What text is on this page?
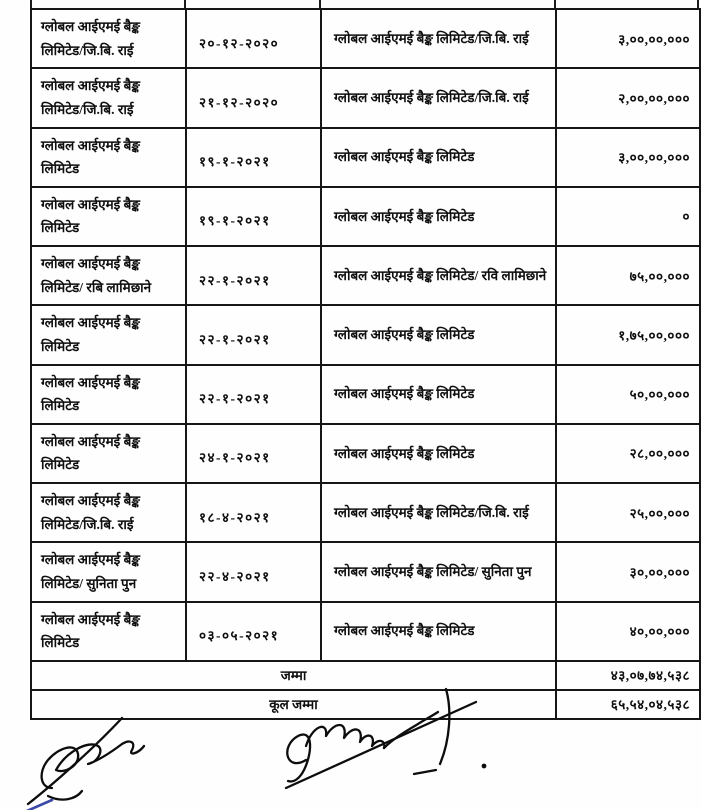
ग्लोबल आईएमई बैङ्क लिमिटेड/जि.बि. राई	२०-१२-२०२०	ग्लोबल आईएमई बैङ्क लिमिटेड/जि.बि. राई	३,००,००,०००
ग्लोबल आईएमई बैङ्क लिमिटेड/जि.बि. राई	२१-१२-२०२०	ग्लोबल आईएमई बैङ्क लिमिटेड/जि.बि. राई	२,००,००,०००
ग्लोबल आईएमई बैङ्क लिमिटेड	१९-१-२०२१	ग्लोबल आईएमई बैङ्क लिमिटेड	३,००,००,०००
ग्लोबल आईएमई बैङ्क लिमिटेड	१९-१-२०२१	ग्लोबल आईएमई बैङ्क लिमिटेड	०
ग्लोबल आईएमई बैङ्क लिमिटेड/ रबि लामिछाने	२२-१-२०२१	ग्लोबल आईएमई बैङ्क लिमिटेड/ रवि लामिछाने	७५,००,०००
ग्लोबल आईएमई बैङ्क लिमिटेड	२२-१-२०२१	ग्लोबल आईएमई बैङ्क लिमिटेड	१,७५,००,०००
ग्लोबल आईएमई बैङ्क लिमिटेड	२२-१-२०२१	ग्लोबल आईएमई बैङ्क लिमिटेड	५०,००,०००
ग्लोबल आईएमई बैङ्क लिमिटेड	२४-१-२०२१	ग्लोबल आईएमई बैङ्क लिमिटेड	२८,००,०००
ग्लोबल आईएमई बैङ्क लिमिटेड/जि.बि. राई	१८-४-२०२१	ग्लोबल आईएमई बैङ्क लिमिटेड/जि.बि. राई	२५,००,०००
ग्लोबल आईएमई बैङ्क लिमिटेड/ सुनिता पुन	२२-४-२०२१	ग्लोबल आईएमई बैङ्क लिमिटेड/ सुनिता पुन	३०,००,०००
ग्लोबल आईएमई बैङ्क लिमिटेड	०३-०५-२०२१	ग्लोबल आईएमई बैङ्क लिमिटेड	४०,००,०००
जम्मा			४३,०७,७४,५३८
कूल जम्मा			६५,५४,०४,५३८
